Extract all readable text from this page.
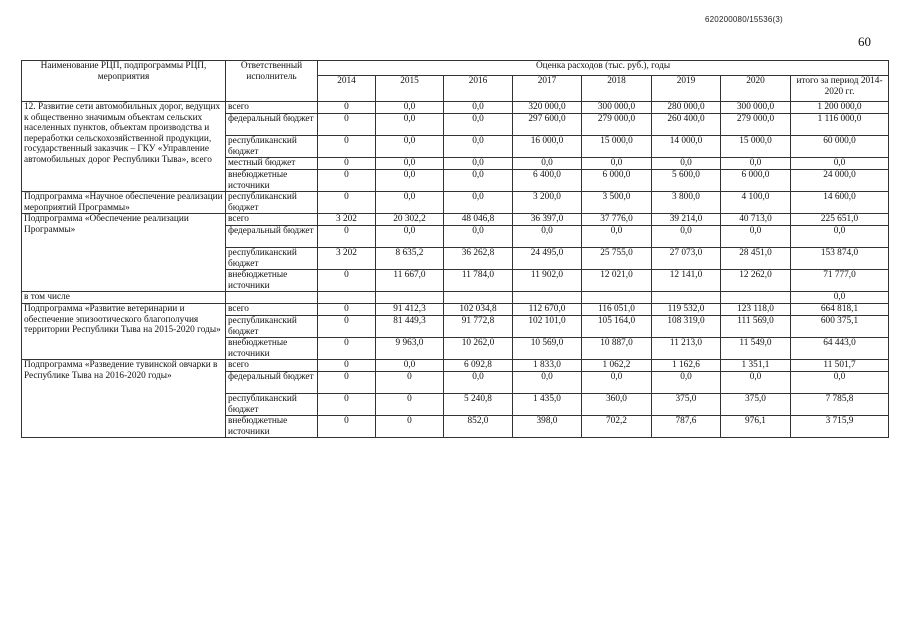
620200080/15536(3)
60
Наименование РЦП, подпрограммы РЦП, мероприятия	Ответственный исполнитель	Оценка расходов (тыс. руб.), годы							
		2014	2015	2016	2017	2018	2019	2020	итого за период 2014-2020 гг.
12. Развитие сети автомобильных дорог, ведущих к общественно значимым объектам сельских населенных пунктов, объектам производства и переработки сельскохозяйственной продукции, государственный заказчик – ГКУ «Управление автомобильных дорог Республики Тыва», всего	всего	0	0,0	0,0	320 000,0	300 000,0	280 000,0	300 000,0	1 200 000,0
	федеральный бюджет	0	0,0	0,0	297 600,0	279 000,0	260 400,0	279 000,0	1 116 000,0
	республиканский бюджет	0	0,0	0,0	16 000,0	15 000,0	14 000,0	15 000,0	60 000,0
	местный бюджет	0	0,0	0,0	0,0	0,0	0,0	0,0	0,0
	внебюджетные источники	0	0,0	0,0	6 400,0	6 000,0	5 600,0	6 000,0	24 000,0
Подпрограмма «Научное обеспечение реализации мероприятий Программы»	республиканский бюджет	0	0,0	0,0	3 200,0	3 500,0	3 800,0	4 100,0	14 600,0
Подпрограмма «Обеспечение реализации Программы»	всего	3 202	20 302,2	48 046,8	36 397,0	37 776,0	39 214,0	40 713,0	225 651,0
	федеральный бюджет	0	0,0	0,0	0,0	0,0	0,0	0,0	0,0
	республиканский бюджет	3 202	8 635,2	36 262,8	24 495,0	25 755,0	27 073,0	28 451,0	153 874,0
	внебюджетные источники	0	11 667,0	11 784,0	11 902,0	12 021,0	12 141,0	12 262,0	71 777,0
в том числе									0,0
Подпрограмма «Развитие ветеринарии и обеспечение эпизоотического благополучия территории Республики Тыва на 2015-2020 годы»	всего	0	91 412,3	102 034,8	112 670,0	116 051,0	119 532,0	123 118,0	664 818,1
	республиканский бюджет	0	81 449,3	91 772,8	102 101,0	105 164,0	108 319,0	111 569,0	600 375,1
	внебюджетные источники	0	9 963,0	10 262,0	10 569,0	10 887,0	11 213,0	11 549,0	64 443,0
Подпрограмма «Разведение тувинской овчарки в Республике Тыва на 2016-2020 годы»	всего	0	0,0	6 092,8	1 833,0	1 062,2	1 162,6	1 351,1	11 501,7
	федеральный бюджет	0	0	0,0	0,0	0,0	0,0	0,0	0,0
	республиканский бюджет	0	0	5 240,8	1 435,0	360,0	375,0	375,0	7 785,8
	внебюджетные источники	0	0	852,0	398,0	702,2	787,6	976,1	3 715,9
